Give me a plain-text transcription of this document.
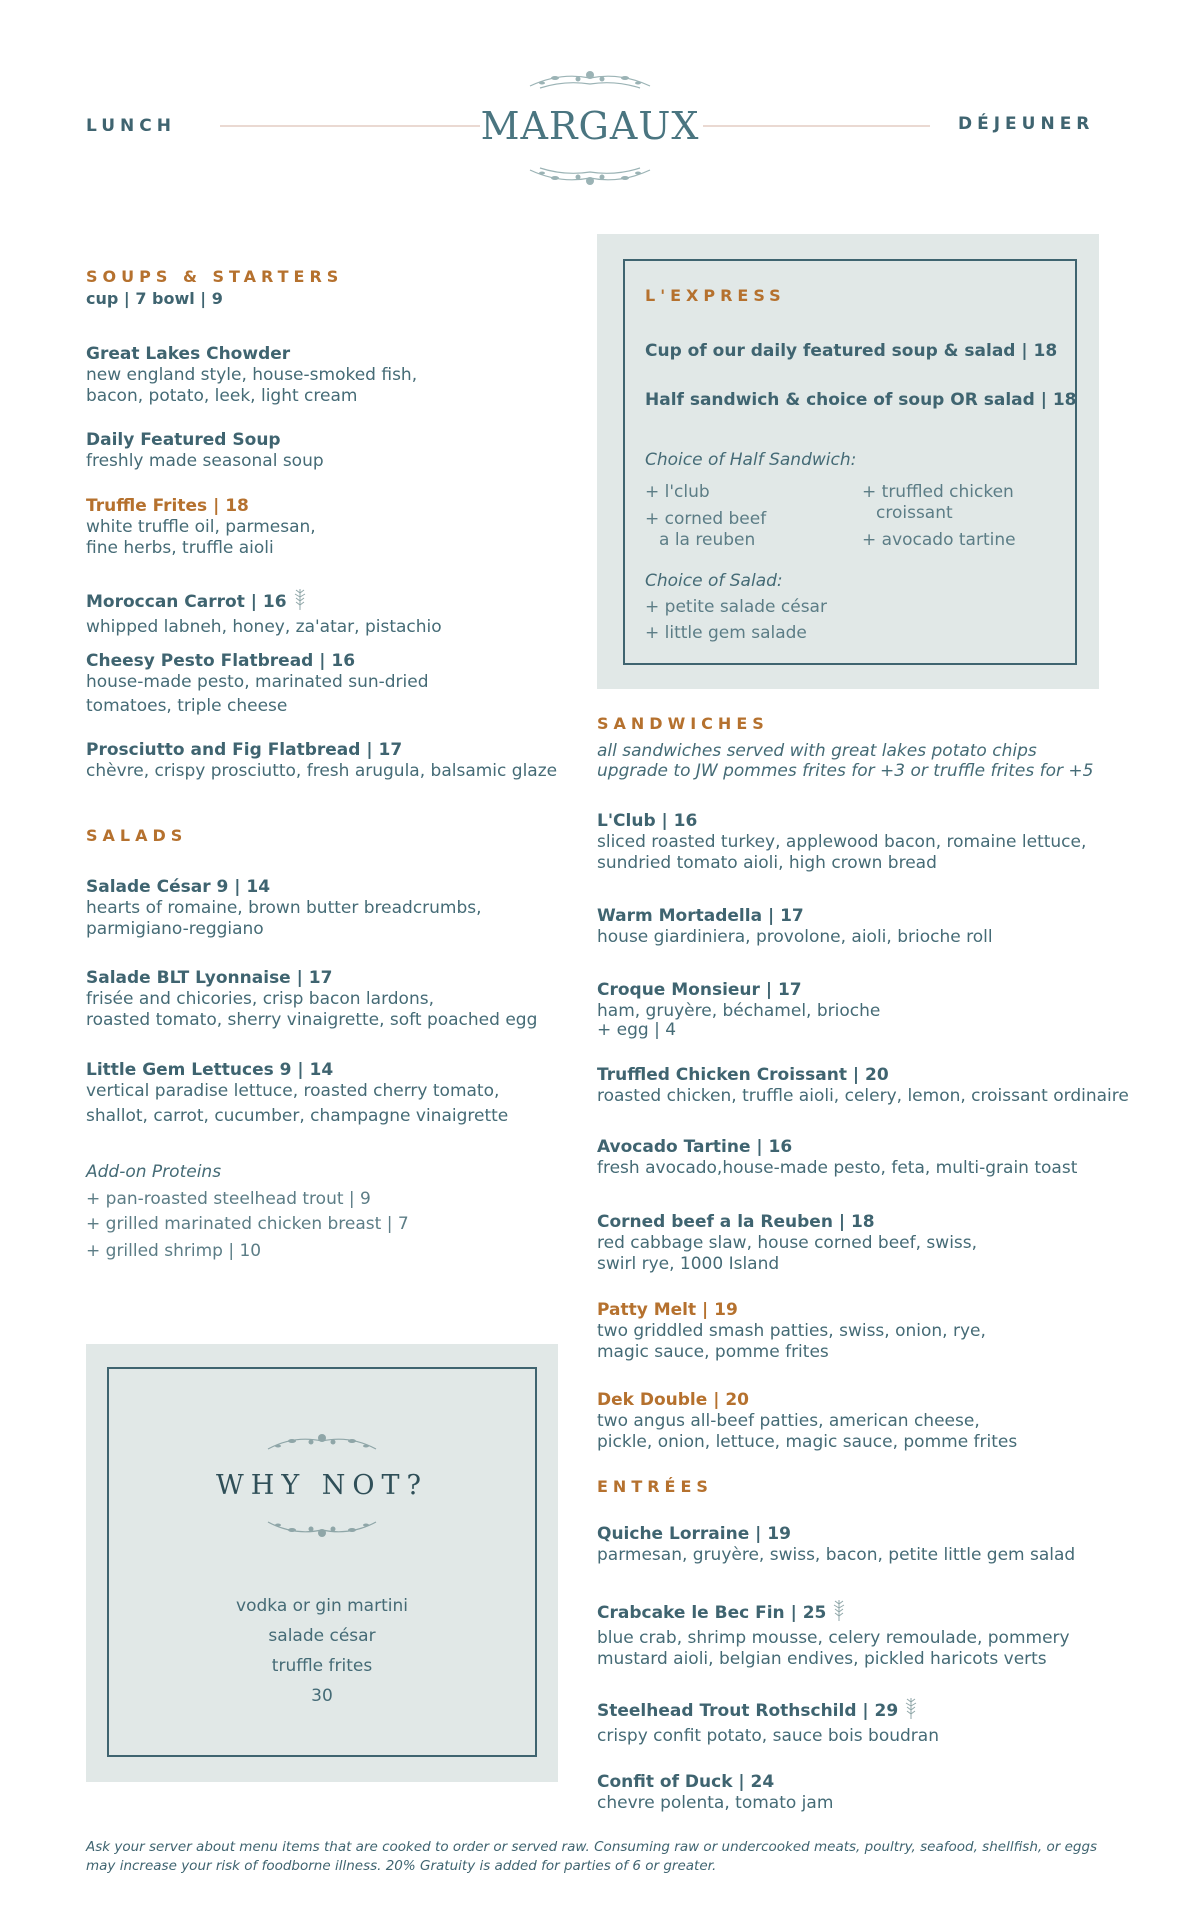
LUNCH	MARGAUX	DÉJEUNER
SOUPS & STARTERS
cup | 7 bowl | 9
Great Lakes Chowder
new england style, house-smoked fish,
bacon, potato, leek, light cream
Daily Featured Soup
freshly made seasonal soup
Truffle Frites | 18
white truffle oil, parmesan,
fine herbs, truffle aioli
Moroccan Carrot | 16
whipped labneh, honey, za'atar, pistachio
Cheesy Pesto Flatbread | 16
house-made pesto, marinated sun-dried
tomatoes, triple cheese
Prosciutto and Fig Flatbread | 17
chèvre, crispy prosciutto, fresh arugula, balsamic glaze
SALADS
Salade César 9 | 14
hearts of romaine, brown butter breadcrumbs,
parmigiano-reggiano
Salade BLT Lyonnaise | 17
frisée and chicories, crisp bacon lardons,
roasted tomato, sherry vinaigrette, soft poached egg
Little Gem Lettuces 9 | 14
vertical paradise lettuce, roasted cherry tomato,
shallot, carrot, cucumber, champagne vinaigrette
Add-on Proteins
+ pan-roasted steelhead trout | 9
+ grilled marinated chicken breast | 7
+ grilled shrimp | 10
WHY NOT?
vodka or gin martini
salade césar
truffle frites
30
L'EXPRESS
Cup of our daily featured soup & salad | 18
Half sandwich & choice of soup OR salad | 18
Choice of Half Sandwich:
+ l'club
+ corned beef
a la reuben
+ truffled chicken
croissant
+ avocado tartine
Choice of Salad:
+ petite salade césar
+ little gem salade
SANDWICHES
all sandwiches served with great lakes potato chips
upgrade to JW pommes frites for +3 or truffle frites for +5
L'Club | 16
sliced roasted turkey, applewood bacon, romaine lettuce,
sundried tomato aioli, high crown bread
Warm Mortadella | 17
house giardiniera, provolone, aioli, brioche roll
Croque Monsieur | 17
ham, gruyère, béchamel, brioche
+ egg | 4
Truffled Chicken Croissant | 20
roasted chicken, truffle aioli, celery, lemon, croissant ordinaire
Avocado Tartine | 16
fresh avocado,house-made pesto, feta, multi-grain toast
Corned beef a la Reuben | 18
red cabbage slaw, house corned beef, swiss,
swirl rye, 1000 Island
Patty Melt | 19
two griddled smash patties, swiss, onion, rye,
magic sauce, pomme frites
Dek Double | 20
two angus all-beef patties, american cheese,
pickle, onion, lettuce, magic sauce, pomme frites
ENTRÉES
Quiche Lorraine | 19
parmesan, gruyère, swiss, bacon, petite little gem salad
Crabcake le Bec Fin | 25
blue crab, shrimp mousse, celery remoulade, pommery
mustard aioli, belgian endives, pickled haricots verts
Steelhead Trout Rothschild | 29
crispy confit potato, sauce bois boudran
Confit of Duck | 24
chevre polenta, tomato jam
Ask your server about menu items that are cooked to order or served raw. Consuming raw or undercooked meats, poultry, seafood, shellfish, or eggs
may increase your risk of foodborne illness. 20% Gratuity is added for parties of 6 or greater.
